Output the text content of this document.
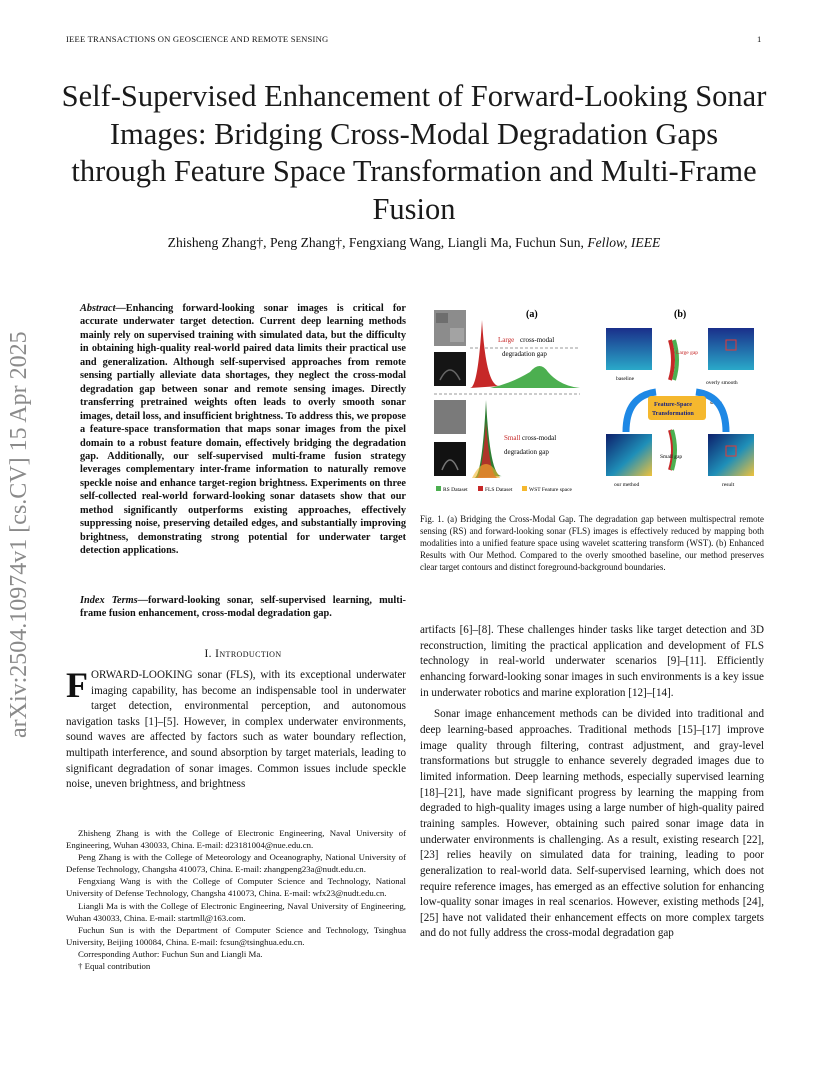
IEEE TRANSACTIONS ON GEOSCIENCE AND REMOTE SENSING	1
arXiv:2504.10974v1 [cs.CV] 15 Apr 2025
Self-Supervised Enhancement of Forward-Looking Sonar Images: Bridging Cross-Modal Degradation Gaps through Feature Space Transformation and Multi-Frame Fusion
Zhisheng Zhang†, Peng Zhang†, Fengxiang Wang, Liangli Ma, Fuchun Sun, Fellow, IEEE
Abstract—Enhancing forward-looking sonar images is critical for accurate underwater target detection. Current deep learning methods mainly rely on supervised training with simulated data, but the difficulty in obtaining high-quality real-world paired data limits their practical use and generalization. Although self-supervised approaches from remote sensing partially alleviate data shortages, they neglect the cross-modal degradation gap between sonar and remote sensing images. Directly transferring pretrained weights often leads to overly smooth sonar images, detail loss, and insufficient brightness. To address this, we propose a feature-space transformation that maps sonar images from the pixel domain to a robust feature domain, effectively bridging the degradation gap. Additionally, our self-supervised multi-frame fusion strategy leverages complementary inter-frame information to naturally remove speckle noise and enhance target-region brightness. Experiments on three self-collected real-world forward-looking sonar datasets show that our method significantly outperforms existing approaches, effectively suppressing noise, preserving detailed edges, and substantially improving brightness, demonstrating strong potential for underwater target detection applications.
Index Terms—forward-looking sonar, self-supervised learning, multi-frame fusion enhancement, cross-modal degradation gap.
I. Introduction
FORWARD-LOOKING sonar (FLS), with its exceptional underwater imaging capability, has become an indispensable tool in underwater target detection, environmental perception, and autonomous navigation tasks [1]–[5]. However, in complex underwater environments, sound waves are affected by factors such as water boundary reflection, multipath interference, and sound absorption by target materials, leading to significant degradation of sonar images. Common issues include speckle noise, uneven brightness, and brightness

Zhisheng Zhang is with the College of Electronic Engineering, Naval University of Engineering, Wuhan 430033, China. E-mail: d23181004@nue.edu.cn.

Peng Zhang is with the College of Meteorology and Oceanography, National University of Defense Technology, Changsha 410073, China. E-mail: zhangpeng23a@nudt.edu.cn.

Fengxiang Wang is with the College of Computer Science and Technology, National University of Defense Technology, Changsha 410073, China. E-mail: wfx23@nudt.edu.cn.

Liangli Ma is with the College of Electronic Engineering, Naval University of Engineering, Wuhan 430033, China. E-mail: startmll@163.com.

Fuchun Sun is with the Department of Computer Science and Technology, Tsinghua University, Beijing 100084, China. E-mail: fcsun@tsinghua.edu.cn.

Corresponding Author: Fuchun Sun and Liangli Ma.

† Equal contribution

(a)
Large cross-modal
degradation gap
Small cross-modal
degradation gap
RS Dataset	FLS Dataset	WST Feature space
(b)
baseline
overly smooth
sharp
Large gap
Feature-Space
Transformation
Small gap
our method	result
Fig. 1. (a) Bridging the Cross-Modal Gap. The degradation gap between multispectral remote sensing (RS) and forward-looking sonar (FLS) images is effectively reduced by mapping both modalities into a unified feature space using wavelet scattering transform (WST). (b) Enhanced Results with Our Method. Compared to the overly smoothed baseline, our method preserves clear target contours and distinct foreground-background boundaries.

artifacts [6]–[8]. These challenges hinder tasks like target detection and 3D reconstruction, limiting the practical application and development of FLS technology in real-world underwater scenarios [9]–[11]. Efficiently enhancing forward-looking sonar images in such environments is a key issue in underwater robotics and marine exploration [12]–[14].

Sonar image enhancement methods can be divided into traditional and deep learning-based approaches. Traditional methods [15]–[17] improve image quality through filtering, contrast adjustment, and gray-level transformations but struggle to enhance severely degraded images due to limited information. Deep learning methods, especially supervised learning [18]–[21], have made significant progress by learning the mapping from degraded to high-quality images using a large number of high-quality paired training samples. However, obtaining such paired sonar image data in underwater environments is challenging. As a result, existing research [22], [23] relies heavily on simulated data for training, leading to poor generalization to real-world data. Self-supervised learning, which does not require reference images, has emerged as an effective solution for enhancing low-quality sonar images in real scenarios. However, existing methods [24], [25] have not validated their enhancement effects on more complex targets and do not fully address the cross-modal degradation gap
